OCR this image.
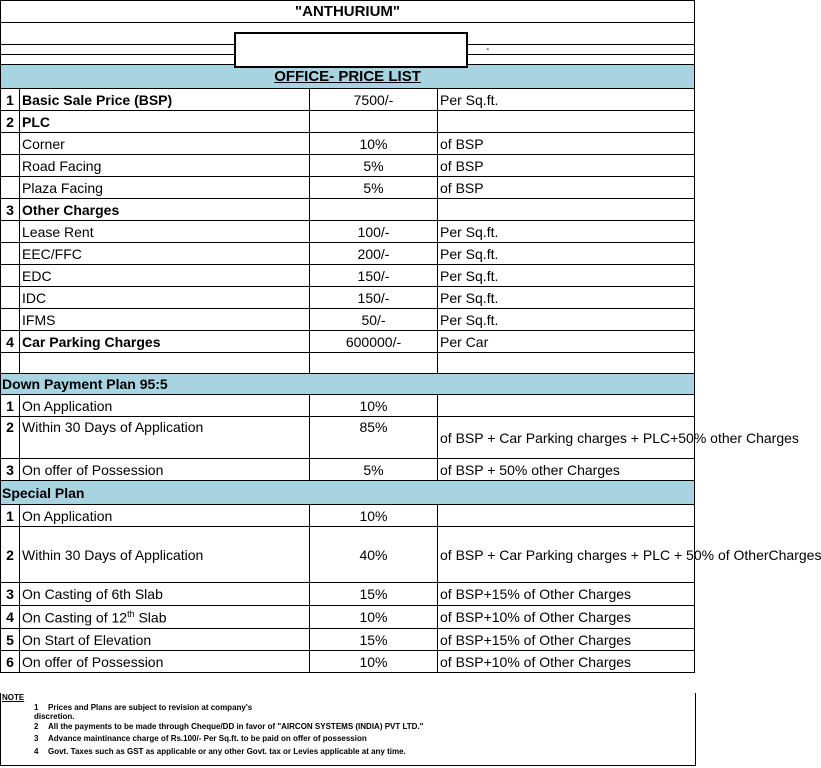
"ANTHURIUM"			

OFFICE- PRICE LIST			
1	Basic Sale Price (BSP)	7500/-	Per Sq.ft.
2	PLC		
	Corner	10%	of BSP
	Road Facing	5%	of BSP
	Plaza Facing	5%	of BSP
3	Other Charges		
	Lease Rent	100/-	Per Sq.ft.
	EEC/FFC	200/-	Per Sq.ft.
	EDC	150/-	Per Sq.ft.
	IDC	150/-	Per Sq.ft.
	IFMS	50/-	Per Sq.ft.
4	Car Parking Charges	600000/-	Per Car

Down Payment Plan 95:5			
1	On Application	10%	
2	Within 30 Days of Application	85%	of BSP + Car Parking charges + PLC+50% other Charges
3	On offer of Possession	5%	of BSP + 50% other Charges
Special Plan			
1	On Application	10%	
2	Within 30 Days of Application	40%	of BSP + Car Parking charges + PLC + 50% of OtherCharges
3	On Casting of 6th Slab	15%	of BSP+15% of Other Charges
4	On Casting of 12th Slab	10%	of BSP+10% of Other Charges
5	On Start of Elevation	15%	of BSP+15% of Other Charges
6	On offer of Possession	10%	of BSP+10% of Other Charges
-
NOTE
1 Prices and Plans are subject to revision at company's
discretion.
2 All the payments to be made through Cheque/DD in favor of "AIRCON SYSTEMS (INDIA) PVT LTD."
3 Advance maintinance charge of Rs.100/- Per Sq.ft. to be paid on offer of possession
4 Govt. Taxes such as GST as applicable or any other Govt. tax or Levies applicable at any time.
